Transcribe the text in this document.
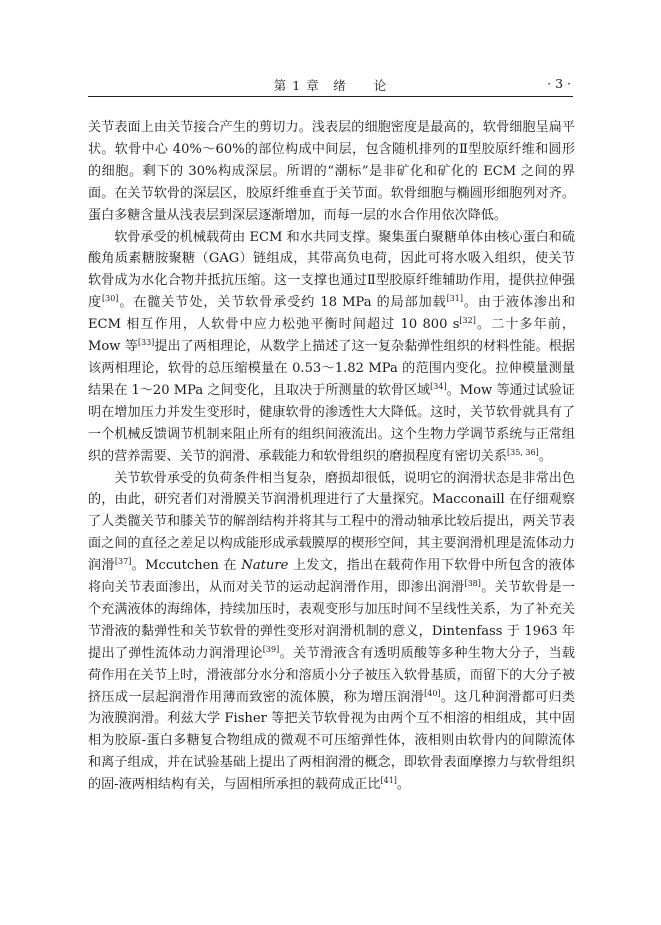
第 1 章　绪　　论	· 3 ·

关节表面上由关节接合产生的剪切力。浅表层的细胞密度是最高的，软骨细胞呈扁平状。软骨中心 40%～60%的部位构成中间层，包含随机排列的Ⅱ型胶原纤维和圆形的细胞。剩下的 30%构成深层。所谓的“潮标”是非矿化和矿化的 ECM 之间的界面。在关节软骨的深层区，胶原纤维垂直于关节面。软骨细胞与椭圆形细胞列对齐。蛋白多糖含量从浅表层到深层逐渐增加，而每一层的水合作用依次降低。

软骨承受的机械载荷由 ECM 和水共同支撑。聚集蛋白聚糖单体由核心蛋白和硫酸角质素糖胺聚糖（GAG）链组成，其带高负电荷，因此可将水吸入组织，使关节软骨成为水化合物并抵抗压缩。这一支撑也通过Ⅱ型胶原纤维辅助作用，提供拉伸强度[30]。在髋关节处，关节软骨承受约 18 MPa 的局部加载[31]。由于液体渗出和 ECM 相互作用，人软骨中应力松弛平衡时间超过 10 800 s[32]。二十多年前，Mow 等[33]提出了两相理论，从数学上描述了这一复杂黏弹性组织的材料性能。根据该两相理论，软骨的总压缩模量在 0.53～1.82 MPa 的范围内变化。拉伸模量测量结果在 1～20 MPa 之间变化，且取决于所测量的软骨区域[34]。Mow 等通过试验证明在增加压力并发生变形时，健康软骨的渗透性大大降低。这时，关节软骨就具有了一个机械反馈调节机制来阻止所有的组织间液流出。这个生物力学调节系统与正常组织的营养需要、关节的润滑、承载能力和软骨组织的磨损程度有密切关系[35, 36]。

关节软骨承受的负荷条件相当复杂，磨损却很低，说明它的润滑状态是非常出色的，由此，研究者们对滑膜关节润滑机理进行了大量探究。Macconaill 在仔细观察了人类髋关节和膝关节的解剖结构并将其与工程中的滑动轴承比较后提出，两关节表面之间的直径之差足以构成能形成承载膜厚的楔形空间，其主要润滑机理是流体动力润滑[37]。Mccutchen 在 Nature 上发文，指出在载荷作用下软骨中所包含的液体将向关节表面渗出，从而对关节的运动起润滑作用，即渗出润滑[38]。关节软骨是一个充满液体的海绵体，持续加压时，表观变形与加压时间不呈线性关系，为了补充关节滑液的黏弹性和关节软骨的弹性变形对润滑机制的意义，Dintenfass 于 1963 年提出了弹性流体动力润滑理论[39]。关节滑液含有透明质酸等多种生物大分子，当载荷作用在关节上时，滑液部分水分和溶质小分子被压入软骨基质，而留下的大分子被挤压成一层起润滑作用薄而致密的流体膜，称为增压润滑[40]。这几种润滑都可归类为液膜润滑。利兹大学 Fisher 等把关节软骨视为由两个互不相溶的相组成，其中固相为胶原-蛋白多糖复合物组成的微观不可压缩弹性体，液相则由软骨内的间隙流体和离子组成，并在试验基础上提出了两相润滑的概念，即软骨表面摩擦力与软骨组织的固-液两相结构有关，与固相所承担的载荷成正比[41]。
